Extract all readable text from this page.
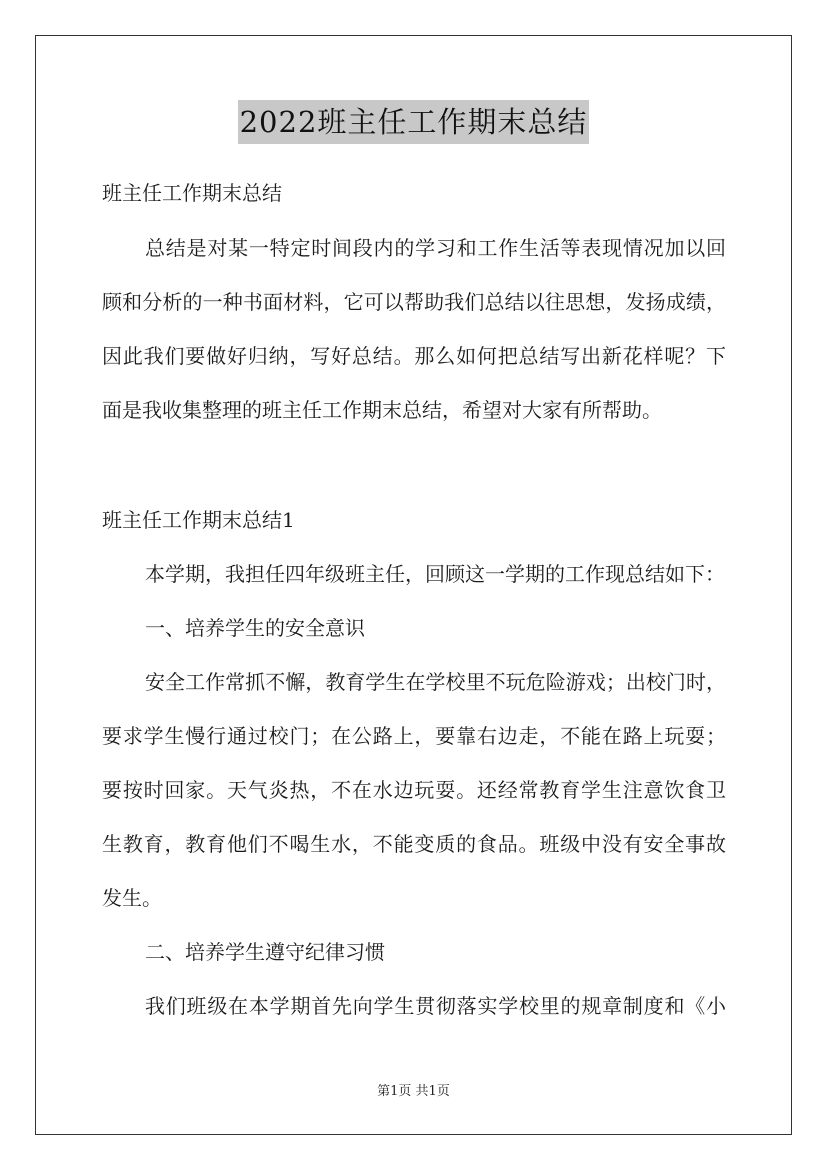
2022班主任工作期末总结
班主任工作期末总结
总结是对某一特定时间段内的学习和工作生活等表现情况加以回
顾和分析的一种书面材料，它可以帮助我们总结以往思想，发扬成绩，
因此我们要做好归纳，写好总结。那么如何把总结写出新花样呢？下
面是我收集整理的班主任工作期末总结，希望对大家有所帮助。
班主任工作期末总结1
本学期，我担任四年级班主任，回顾这一学期的工作现总结如下：
一、培养学生的安全意识
安全工作常抓不懈，教育学生在学校里不玩危险游戏；出校门时，
要求学生慢行通过校门；在公路上，要靠右边走，不能在路上玩耍；
要按时回家。天气炎热，不在水边玩耍。还经常教育学生注意饮食卫
生教育，教育他们不喝生水，不能变质的食品。班级中没有安全事故
发生。
二、培养学生遵守纪律习惯
我们班级在本学期首先向学生贯彻落实学校里的规章制度和《小
第1页 共1页
